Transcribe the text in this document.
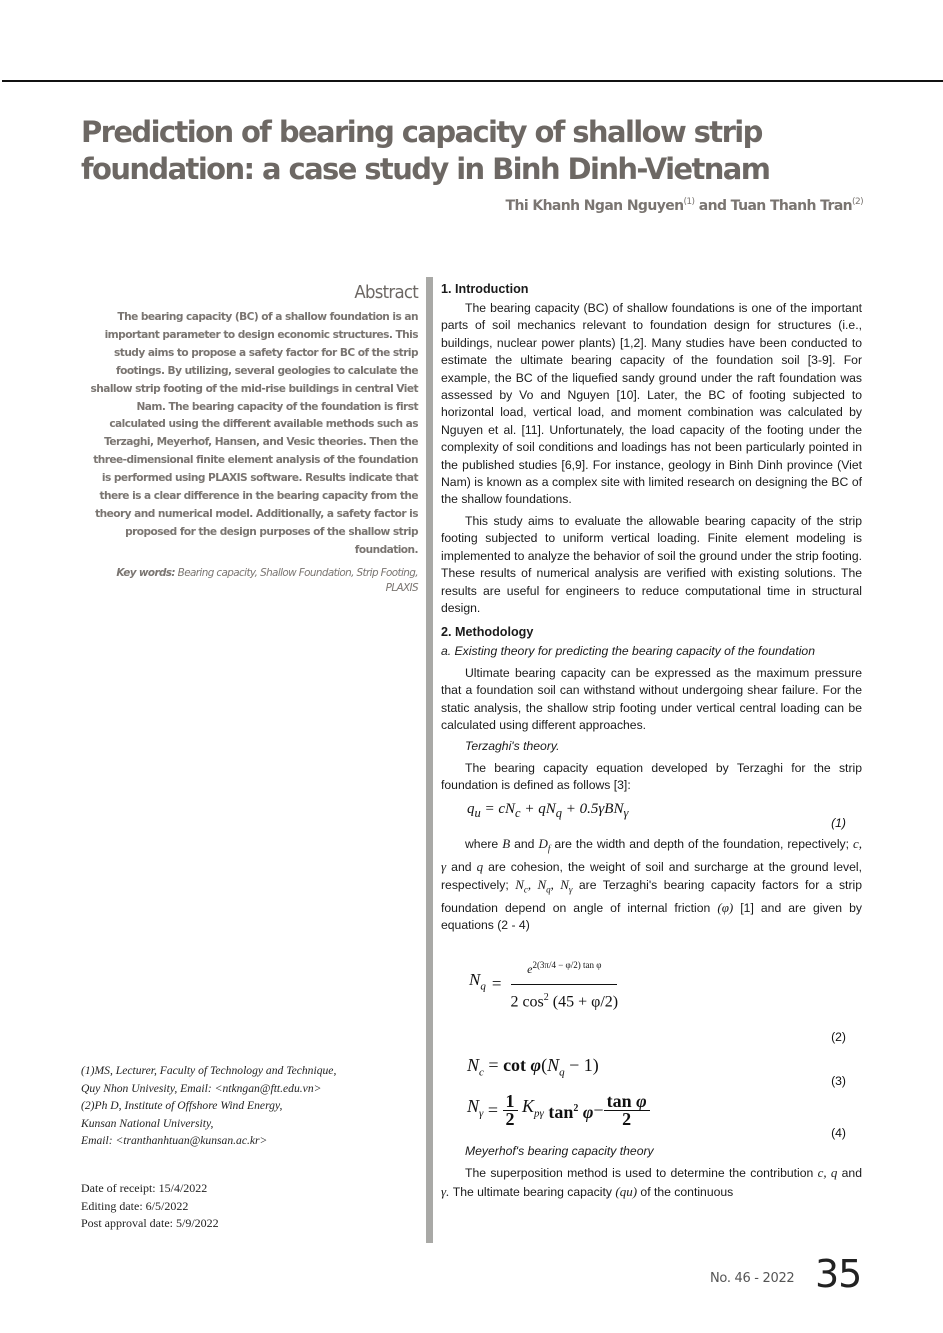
Prediction of bearing capacity of shallow strip foundation: a case study in Binh Dinh-Vietnam
Thi Khanh Ngan Nguyen$^{(1)}$ and Tuan Thanh Tran$^{(2)}$
Abstract

The bearing capacity (BC) of a shallow foundation is an important parameter to design economic structures. This study aims to propose a safety factor for BC of the strip footings. By utilizing, several geologies to calculate the shallow strip footing of the mid-rise buildings in central Viet Nam. The bearing capacity of the foundation is first calculated using the different available methods such as Terzaghi, Meyerhof, Hansen, and Vesic theories. Then the three-dimensional finite element analysis of the foundation is performed using PLAXIS software. Results indicate that there is a clear difference in the bearing capacity from the theory and numerical model. Additionally, a safety factor is proposed for the design purposes of the shallow strip foundation.

Key words: Bearing capacity, Shallow Foundation, Strip Footing, PLAXIS

(1)MS, Lecturer, Faculty of Technology and Technique,
Quy Nhon Univesity, Email: <ntkngan@ftt.edu.vn>
(2)Ph D, Institute of Offshore Wind Energy,
Kunsan National University,
Email: <tranthanhtuan@kunsan.ac.kr>
Date of receipt: 15/4/2022
Editing date: 6/5/2022
Post approval date: 5/9/2022
1. Introduction

The bearing capacity (BC) of shallow foundations is one of the important parts of soil mechanics relevant to foundation design for structures (i.e., buildings, nuclear power plants) [1,2]. Many studies have been conducted to estimate the ultimate bearing capacity of the foundation soil [3-9]. For example, the BC of the liquefied sandy ground under the raft foundation was assessed by Vo and Nguyen [10]. Later, the BC of footing subjected to horizontal load, vertical load, and moment combination was calculated by Nguyen et al. [11]. Unfortunately, the load capacity of the footing under the complexity of soil conditions and loadings has not been particularly pointed in the published studies [6,9]. For instance, geology in Binh Dinh province (Viet Nam) is known as a complex site with limited research on designing the BC of the shallow foundations.

This study aims to evaluate the allowable bearing capacity of the strip footing subjected to uniform vertical loading. Finite element modeling is implemented to analyze the behavior of soil the ground under the strip footing. These results of numerical analysis are verified with existing solutions. The results are useful for engineers to reduce computational time in structural design.

2. Methodology
a. Existing theory for predicting the bearing capacity of the foundation

Ultimate bearing capacity can be expressed as the maximum pressure that a foundation soil can withstand without undergoing shear failure. For the static analysis, the shallow strip footing under vertical central loading can be calculated using different approaches.

Terzaghi's theory.

The bearing capacity equation developed by Terzaghi for the strip foundation is defined as follows [3]:

$q_u = cN_c + qN_q + 0.5\gamma BN_\gamma$
(1)

where B and $D_f$ are the width and depth of the foundation, repectively; c, γ and q are cohesion, the weight of soil and surcharge at the ground level, respectively; $N_c$, $N_q$, $N_\gamma$ are Terzaghi's bearing capacity factors for a strip foundation depend on angle of internal friction (φ) [1] and are given by equations (2 - 4)

$N_q = \frac{e^{2(3\pi/4 - \varphi/2) tan \varphi}}{2 \cos^2 (45 + \varphi/2)}$
(2)
$N_c = \cot \varphi(N_q - 1)$
(3)
$N_\gamma = \frac{1}{2}$
$K_{p\gamma}$
$\tan^2 \varphi - \frac{\text{tan φ}}{2}$
(4)
Meyerhof's bearing capacity theory

The superposition method is used to determine the contribution c, q and γ. The ultimate bearing capacity (qu) of the continuous

No. 46 - 2022 35
